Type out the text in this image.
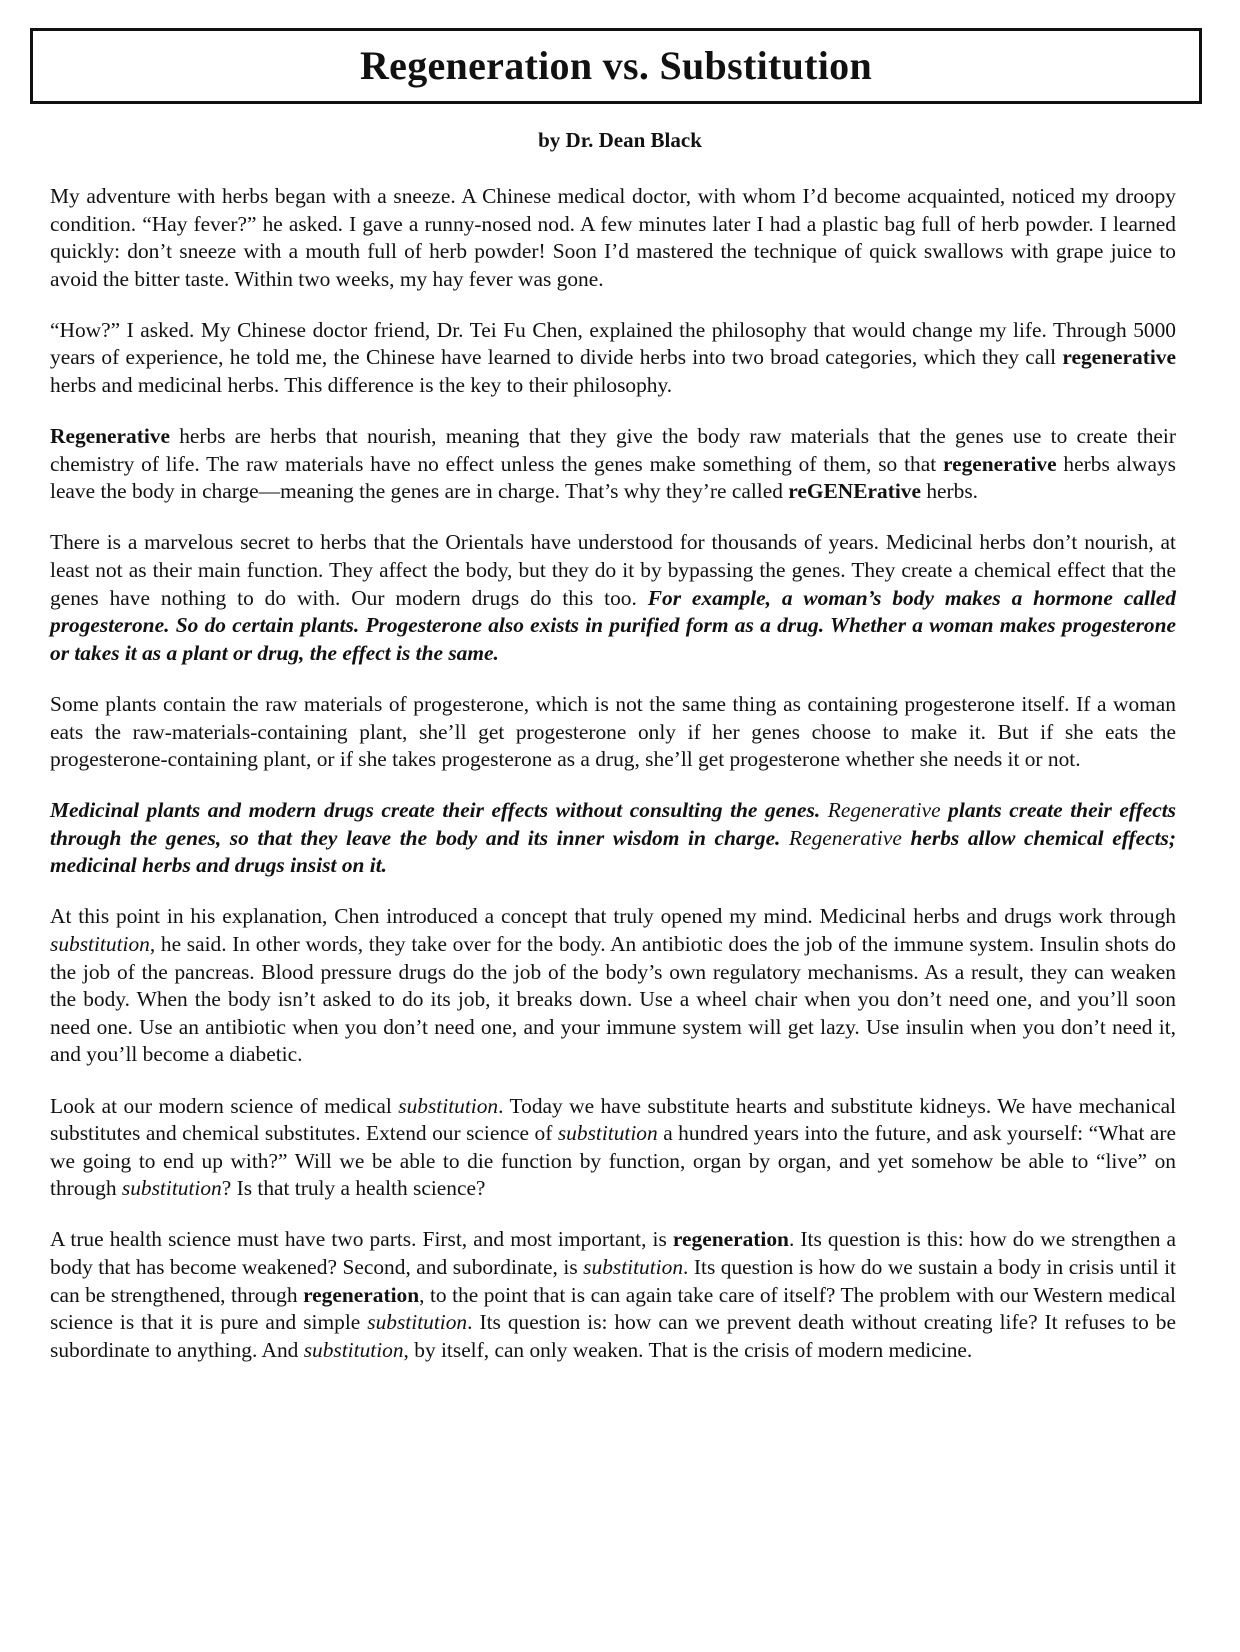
Regeneration vs. Substitution
by Dr. Dean Black

My adventure with herbs began with a sneeze. A Chinese medical doctor, with whom I’d become acquainted, noticed my droopy condition. “Hay fever?” he asked. I gave a runny-nosed nod. A few minutes later I had a plastic bag full of herb powder. I learned quickly: don’t sneeze with a mouth full of herb powder! Soon I’d mastered the technique of quick swallows with grape juice to avoid the bitter taste. Within two weeks, my hay fever was gone.

“How?” I asked. My Chinese doctor friend, Dr. Tei Fu Chen, explained the philosophy that would change my life. Through 5000 years of experience, he told me, the Chinese have learned to divide herbs into two broad categories, which they call regenerative herbs and medicinal herbs. This difference is the key to their philosophy.

Regenerative herbs are herbs that nourish, meaning that they give the body raw materials that the genes use to create their chemistry of life. The raw materials have no effect unless the genes make something of them, so that regenerative herbs always leave the body in charge—meaning the genes are in charge. That’s why they’re called reGENErative herbs.

There is a marvelous secret to herbs that the Orientals have understood for thousands of years. Medicinal herbs don’t nourish, at least not as their main function. They affect the body, but they do it by bypassing the genes. They create a chemical effect that the genes have nothing to do with. Our modern drugs do this too. For example, a woman’s body makes a hormone called progesterone. So do certain plants. Progesterone also exists in purified form as a drug. Whether a woman makes progesterone or takes it as a plant or drug, the effect is the same.

Some plants contain the raw materials of progesterone, which is not the same thing as containing progesterone itself. If a woman eats the raw-materials-containing plant, she’ll get progesterone only if her genes choose to make it. But if she eats the progesterone-containing plant, or if she takes progesterone as a drug, she’ll get progesterone whether she needs it or not.

Medicinal plants and modern drugs create their effects without consulting the genes. Regenerative plants create their effects through the genes, so that they leave the body and its inner wisdom in charge. Regenerative herbs allow chemical effects; medicinal herbs and drugs insist on it.

At this point in his explanation, Chen introduced a concept that truly opened my mind. Medicinal herbs and drugs work through substitution, he said. In other words, they take over for the body. An antibiotic does the job of the immune system. Insulin shots do the job of the pancreas. Blood pressure drugs do the job of the body’s own regulatory mechanisms. As a result, they can weaken the body. When the body isn’t asked to do its job, it breaks down. Use a wheel chair when you don’t need one, and you’ll soon need one. Use an antibiotic when you don’t need one, and your immune system will get lazy. Use insulin when you don’t need it, and you’ll become a diabetic.

Look at our modern science of medical substitution. Today we have substitute hearts and substitute kidneys. We have mechanical substitutes and chemical substitutes. Extend our science of substitution a hundred years into the future, and ask yourself: “What are we going to end up with?” Will we be able to die function by function, organ by organ, and yet somehow be able to “live” on through substitution? Is that truly a health science?

A true health science must have two parts. First, and most important, is regeneration. Its question is this: how do we strengthen a body that has become weakened? Second, and subordinate, is substitution. Its question is how do we sustain a body in crisis until it can be strengthened, through regeneration, to the point that is can again take care of itself? The problem with our Western medical science is that it is pure and simple substitution. Its question is: how can we prevent death without creating life? It refuses to be subordinate to anything. And substitution, by itself, can only weaken. That is the crisis of modern medicine.
